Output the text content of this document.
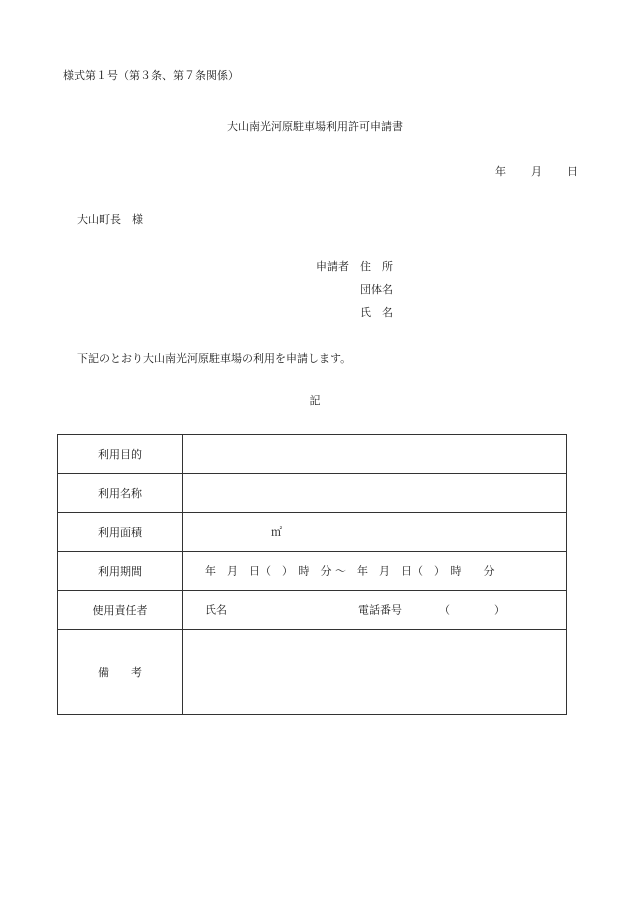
様式第１号（第３条、第７条関係）
大山南光河原駐車場利用許可申請書
年 月 日
大山町長　様
申請者 住　所
団体名
氏　名
下記のとおり大山南光河原駐車場の利用を申請します。
記
利用目的	
利用名称	
利用面積	㎡

利用期間	年　月　日（　）　時　分 ～　年　月　日（　）　時　　分

使用責任者	氏名 電話番号 （　　　　）

備　　考	
